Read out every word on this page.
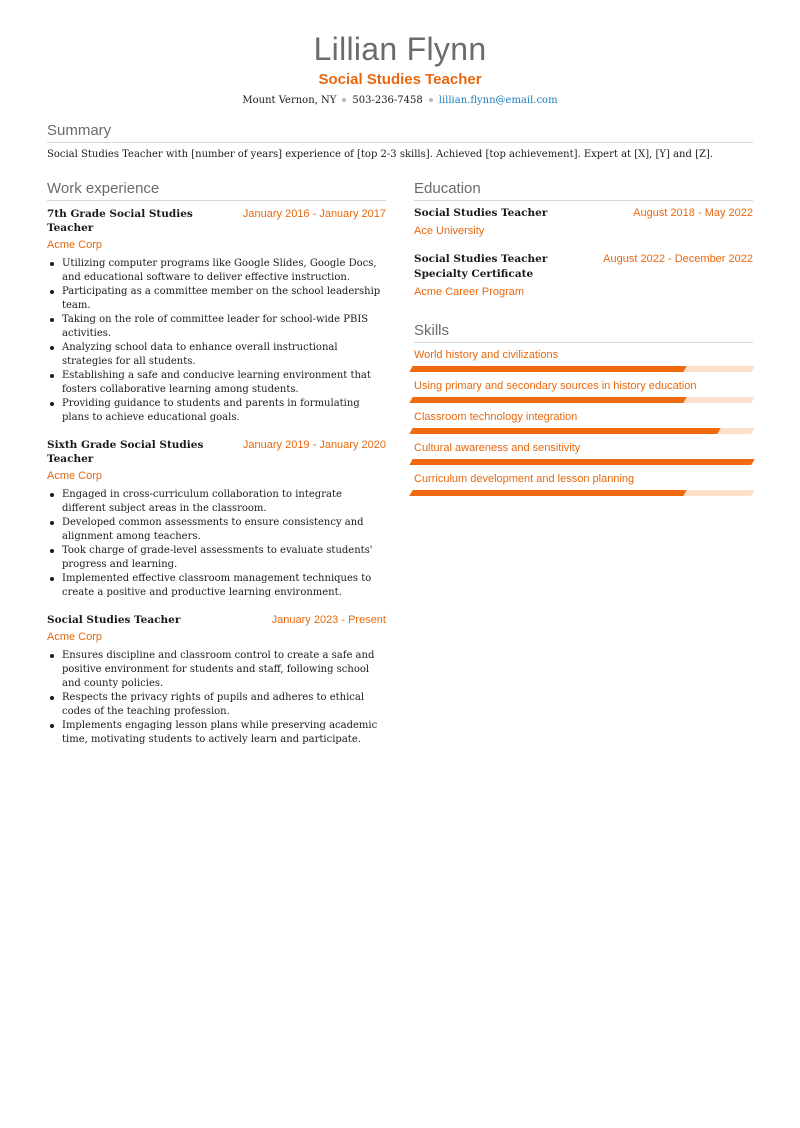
Lillian Flynn
Social Studies Teacher
Mount Vernon, NY 503-236-7458 lillian.flynn@email.com
Summary
Social Studies Teacher with [number of years] experience of [top 2-3 skills]. Achieved [top achievement]. Expert at [X], [Y] and [Z].
Work experience
7th Grade Social Studies Teacher
January 2016 - January 2017
Acme Corp
Utilizing computer programs like Google Slides, Google Docs, and educational software to deliver effective instruction.
Participating as a committee member on the school leadership team.
Taking on the role of committee leader for school-wide PBIS activities.
Analyzing school data to enhance overall instructional strategies for all students.
Establishing a safe and conducive learning environment that fosters collaborative learning among students.
Providing guidance to students and parents in formulating plans to achieve educational goals.
Sixth Grade Social Studies Teacher
January 2019 - January 2020
Acme Corp
Engaged in cross-curriculum collaboration to integrate different subject areas in the classroom.
Developed common assessments to ensure consistency and alignment among teachers.
Took charge of grade-level assessments to evaluate students' progress and learning.
Implemented effective classroom management techniques to create a positive and productive learning environment.
Social Studies Teacher	January 2023 - Present
Acme Corp
Ensures discipline and classroom control to create a safe and positive environment for students and staff, following school and county policies.
Respects the privacy rights of pupils and adheres to ethical codes of the teaching profession.
Implements engaging lesson plans while preserving academic time, motivating students to actively learn and participate.
Education
Social Studies Teacher	August 2018 - May 2022
Ace University
Social Studies Teacher Specialty Certificate
August 2022 - December 2022
Acme Career Program
Skills
World history and civilizations
Using primary and secondary sources in history education
Classroom technology integration
Cultural awareness and sensitivity
Curriculum development and lesson planning
